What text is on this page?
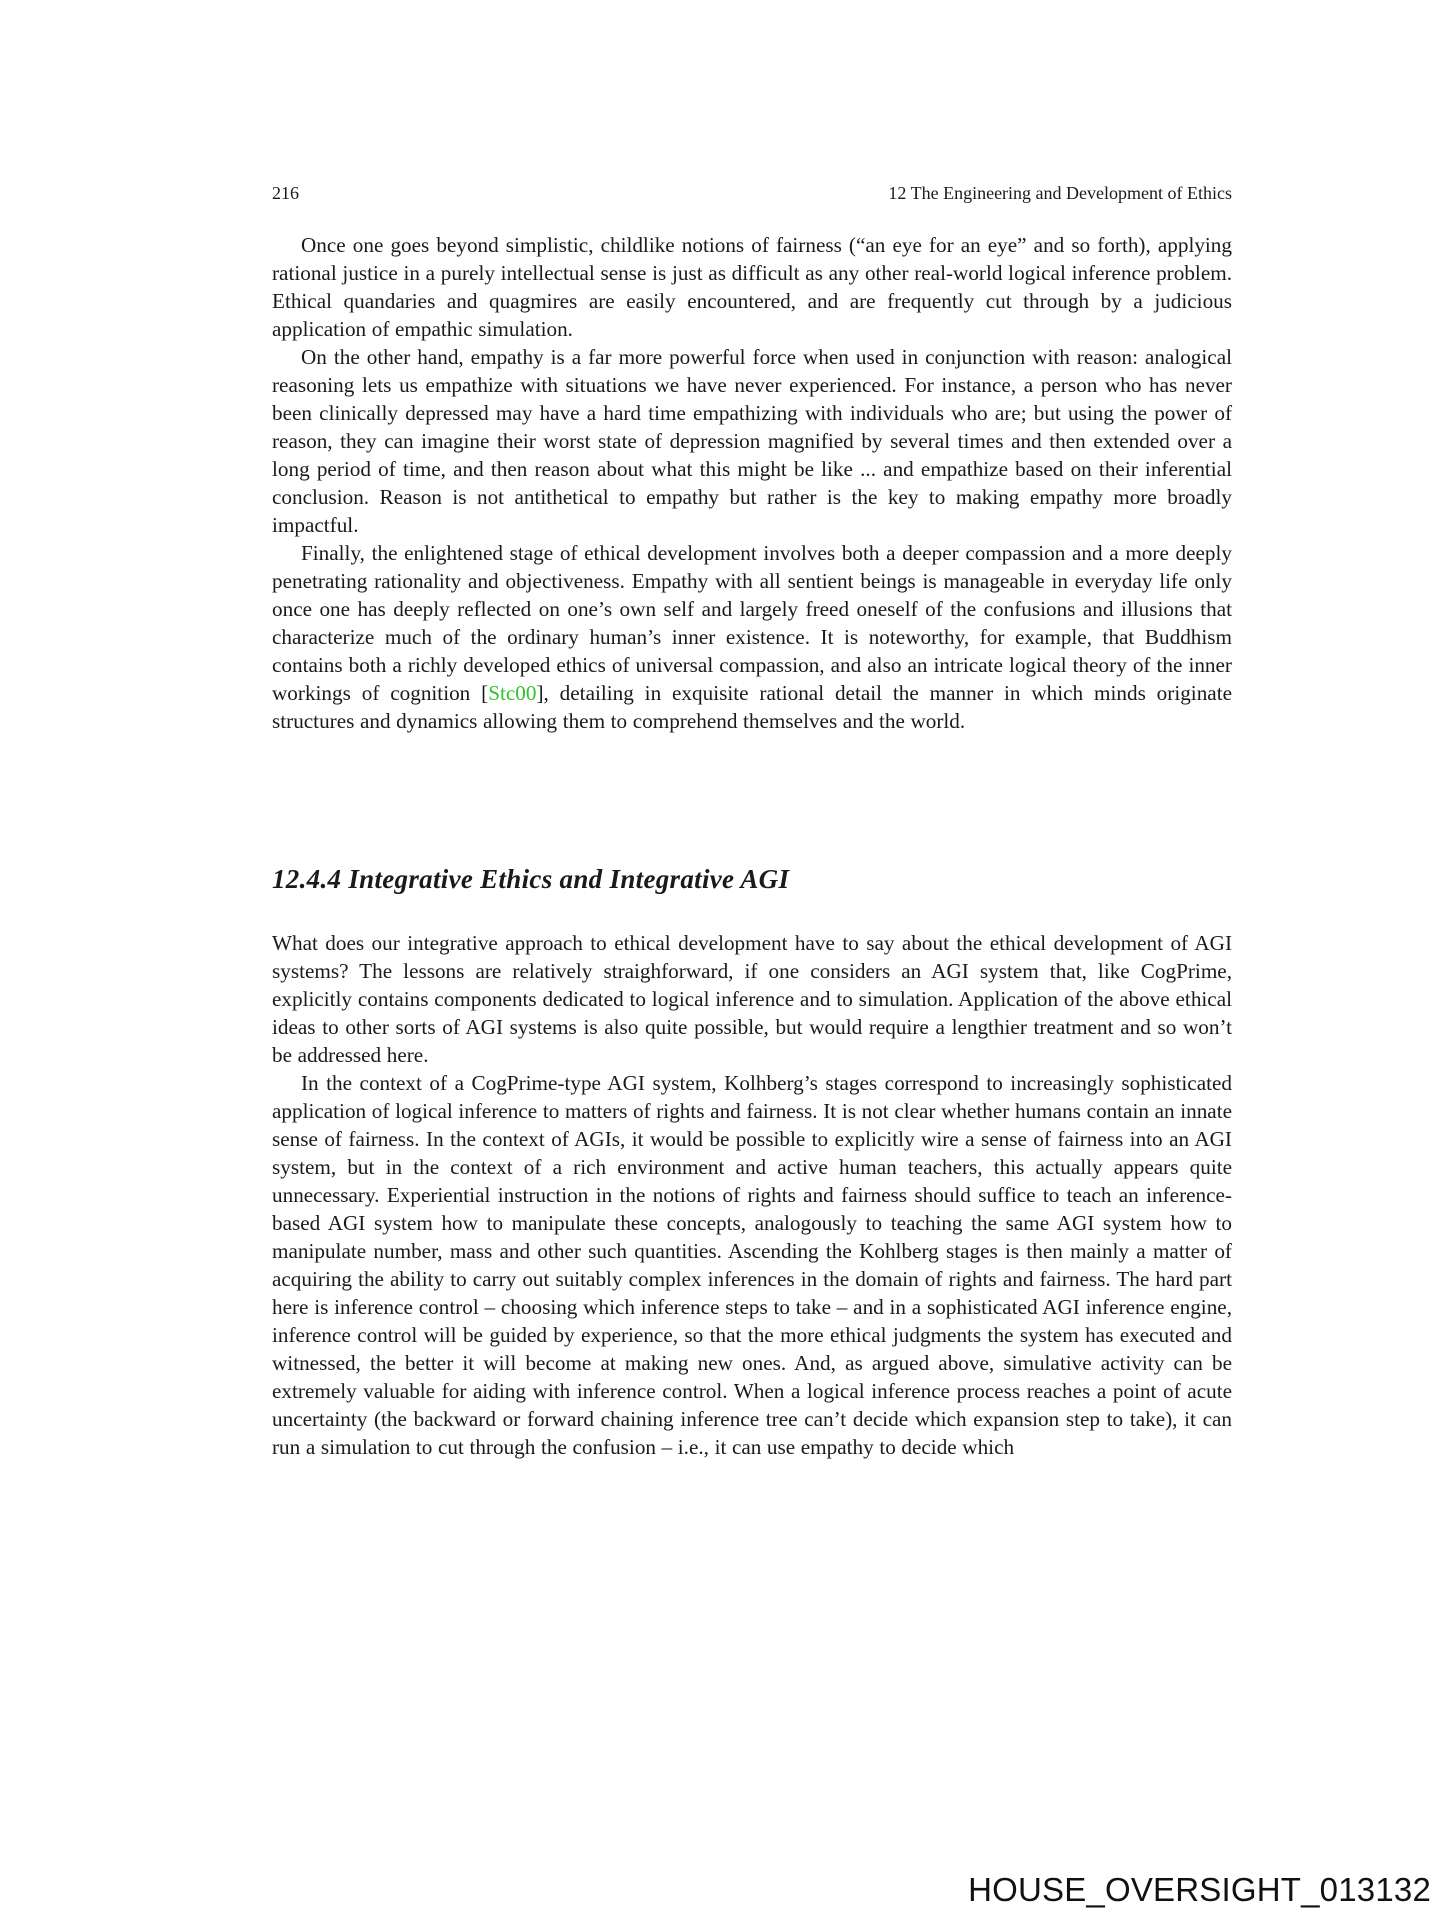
216	12 The Engineering and Development of Ethics

Once one goes beyond simplistic, childlike notions of fairness (“an eye for an eye” and so forth), applying rational justice in a purely intellectual sense is just as difficult as any other real-world logical inference problem. Ethical quandaries and quagmires are easily encountered, and are frequently cut through by a judicious application of empathic simulation.

On the other hand, empathy is a far more powerful force when used in conjunction with reason: analogical reasoning lets us empathize with situations we have never experienced. For instance, a person who has never been clinically depressed may have a hard time empathizing with individuals who are; but using the power of reason, they can imagine their worst state of depression magnified by several times and then extended over a long period of time, and then reason about what this might be like ... and empathize based on their inferential conclusion. Reason is not antithetical to empathy but rather is the key to making empathy more broadly impactful.

Finally, the enlightened stage of ethical development involves both a deeper compassion and a more deeply penetrating rationality and objectiveness. Empathy with all sentient beings is manageable in everyday life only once one has deeply reflected on one’s own self and largely freed oneself of the confusions and illusions that characterize much of the ordinary human’s inner existence. It is noteworthy, for example, that Buddhism contains both a richly developed ethics of universal compassion, and also an intricate logical theory of the inner workings of cognition [Stc00], detailing in exquisite rational detail the manner in which minds originate structures and dynamics allowing them to comprehend themselves and the world.

12.4.4 Integrative Ethics and Integrative AGI

What does our integrative approach to ethical development have to say about the ethical development of AGI systems? The lessons are relatively straighforward, if one considers an AGI system that, like CogPrime, explicitly contains components dedicated to logical inference and to simulation. Application of the above ethical ideas to other sorts of AGI systems is also quite possible, but would require a lengthier treatment and so won’t be addressed here.

In the context of a CogPrime-type AGI system, Kolhberg’s stages correspond to increasingly sophisticated application of logical inference to matters of rights and fairness. It is not clear whether humans contain an innate sense of fairness. In the context of AGIs, it would be possible to explicitly wire a sense of fairness into an AGI system, but in the context of a rich environment and active human teachers, this actually appears quite unnecessary. Experiential instruction in the notions of rights and fairness should suffice to teach an inference-based AGI system how to manipulate these concepts, analogously to teaching the same AGI system how to manipulate number, mass and other such quantities. Ascending the Kohlberg stages is then mainly a matter of acquiring the ability to carry out suitably complex inferences in the domain of rights and fairness. The hard part here is inference control – choosing which inference steps to take – and in a sophisticated AGI inference engine, inference control will be guided by experience, so that the more ethical judgments the system has executed and witnessed, the better it will become at making new ones. And, as argued above, simulative activity can be extremely valuable for aiding with inference control. When a logical inference process reaches a point of acute uncertainty (the backward or forward chaining inference tree can’t decide which expansion step to take), it can run a simulation to cut through the confusion – i.e., it can use empathy to decide which

HOUSE_OVERSIGHT_013132
